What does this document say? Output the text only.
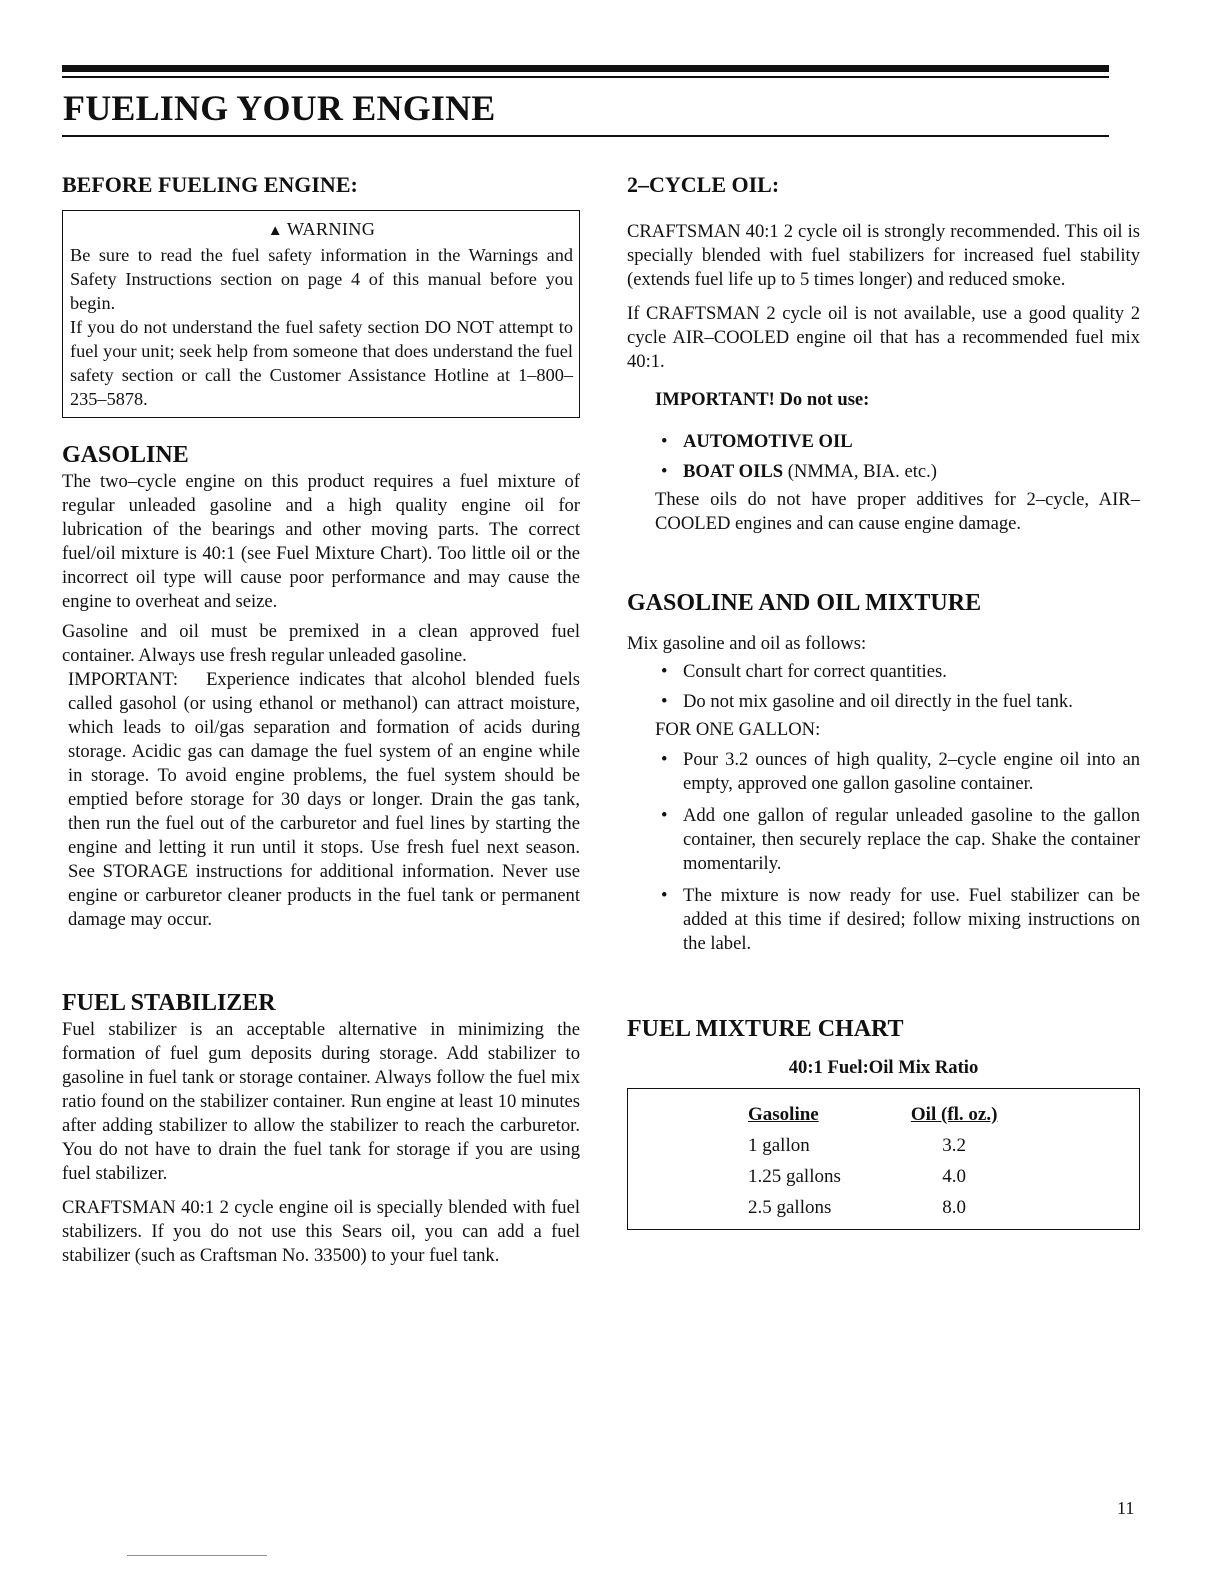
FUELING YOUR ENGINE
BEFORE FUELING ENGINE:
▲ WARNING

Be sure to read the fuel safety information in the Warnings and Safety Instructions section on page 4 of this manual before you begin.

If you do not understand the fuel safety section DO NOT attempt to fuel your unit; seek help from someone that does understand the fuel safety section or call the Customer Assistance Hotline at 1–800–235–5878.

GASOLINE

The two–cycle engine on this product requires a fuel mixture of regular unleaded gasoline and a high quality engine oil for lubrication of the bearings and other moving parts. The correct fuel/oil mixture is 40:1 (see Fuel Mixture Chart). Too little oil or the incorrect oil type will cause poor performance and may cause the engine to overheat and seize.

Gasoline and oil must be premixed in a clean approved fuel container. Always use fresh regular unleaded gasoline.

IMPORTANT: Experience indicates that alcohol blended fuels called gasohol (or using ethanol or methanol) can attract moisture, which leads to oil/gas separation and formation of acids during storage. Acidic gas can damage the fuel system of an engine while in storage. To avoid engine problems, the fuel system should be emptied before storage for 30 days or longer. Drain the gas tank, then run the fuel out of the carburetor and fuel lines by starting the engine and letting it run until it stops. Use fresh fuel next season. See STORAGE instructions for additional information. Never use engine or carburetor cleaner products in the fuel tank or permanent damage may occur.

FUEL STABILIZER

Fuel stabilizer is an acceptable alternative in minimizing the formation of fuel gum deposits during storage. Add stabilizer to gasoline in fuel tank or storage container. Always follow the fuel mix ratio found on the stabilizer container. Run engine at least 10 minutes after adding stabilizer to allow the stabilizer to reach the carburetor. You do not have to drain the fuel tank for storage if you are using fuel stabilizer.

CRAFTSMAN 40:1 2 cycle engine oil is specially blended with fuel stabilizers. If you do not use this Sears oil, you can add a fuel stabilizer (such as Craftsman No. 33500) to your fuel tank.

2–CYCLE OIL:

CRAFTSMAN 40:1 2 cycle oil is strongly recommended. This oil is specially blended with fuel stabilizers for increased fuel stability (extends fuel life up to 5 times longer) and reduced smoke.

If CRAFTSMAN 2 cycle oil is not available, use a good quality 2 cycle AIR–COOLED engine oil that has a recommended fuel mix 40:1.

IMPORTANT! Do not use:

• AUTOMOTIVE OIL
• BOAT OILS (NMMA, BIA. etc.)

These oils do not have proper additives for 2–cycle, AIR–COOLED engines and can cause engine damage.

GASOLINE AND OIL MIXTURE

Mix gasoline and oil as follows:

• Consult chart for correct quantities.
• Do not mix gasoline and oil directly in the fuel tank.

FOR ONE GALLON:

• Pour 3.2 ounces of high quality, 2–cycle engine oil into an empty, approved one gallon gasoline container.
• Add one gallon of regular unleaded gasoline to the gallon container, then securely replace the cap. Shake the container momentarily.
• The mixture is now ready for use. Fuel stabilizer can be added at this time if desired; follow mixing instructions on the label.
FUEL MIXTURE CHART

40:1 Fuel:Oil Mix Ratio

Gasoline	Oil (fl. oz.)
1 gallon	3.2
1.25 gallons	4.0
2.5 gallons	8.0
11
